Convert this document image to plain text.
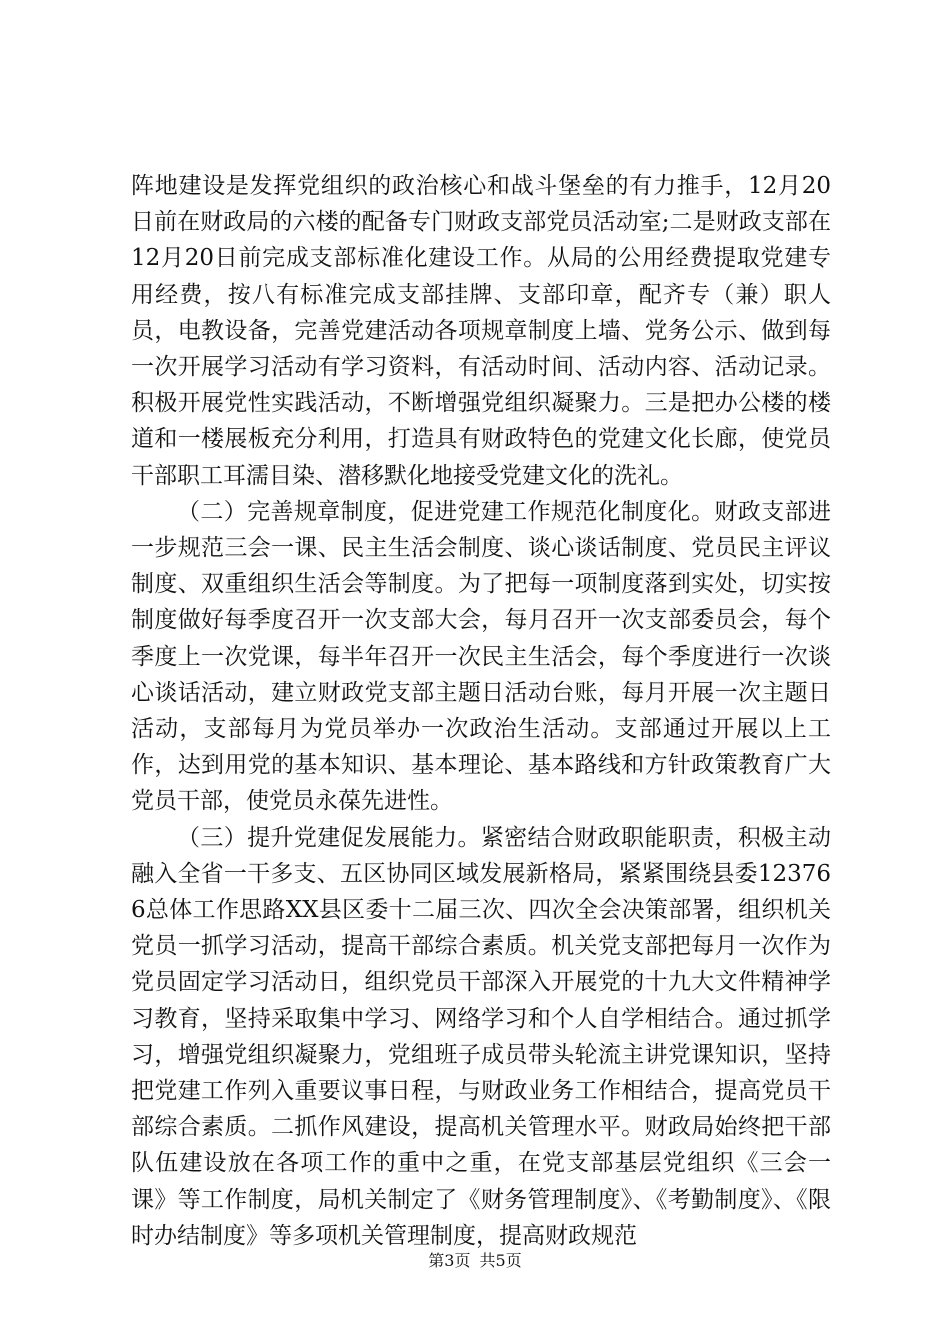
阵地建设是发挥党组织的政治核心和战斗堡垒的有力推手，12月20日前在财政局的六楼的配备专门财政支部党员活动室;二是财政支部在12月20日前完成支部标准化建设工作。从局的公用经费提取党建专用经费，按八有标准完成支部挂牌、支部印章，配齐专（兼）职人员，电教设备，完善党建活动各项规章制度上墙、党务公示、做到每一次开展学习活动有学习资料，有活动时间、活动内容、活动记录。积极开展党性实践活动，不断增强党组织凝聚力。三是把办公楼的楼道和一楼展板充分利用，打造具有财政特色的党建文化长廊，使党员干部职工耳濡目染、潜移默化地接受党建文化的洗礼。

（二）完善规章制度，促进党建工作规范化制度化。财政支部进一步规范三会一课、民主生活会制度、谈心谈话制度、党员民主评议制度、双重组织生活会等制度。为了把每一项制度落到实处，切实按制度做好每季度召开一次支部大会，每月召开一次支部委员会，每个季度上一次党课，每半年召开一次民主生活会，每个季度进行一次谈心谈话活动，建立财政党支部主题日活动台账，每月开展一次主题日活动，支部每月为党员举办一次政治生活动。支部通过开展以上工作，达到用党的基本知识、基本理论、基本路线和方针政策教育广大党员干部，使党员永葆先进性。

（三）提升党建促发展能力。紧密结合财政职能职责，积极主动融入全省一干多支、五区协同区域发展新格局，紧紧围绕县委123766总体工作思路XX县区委十二届三次、四次全会决策部署，组织机关党员一抓学习活动，提高干部综合素质。机关党支部把每月一次作为党员固定学习活动日，组织党员干部深入开展党的十九大文件精神学习教育，坚持采取集中学习、网络学习和个人自学相结合。通过抓学习，增强党组织凝聚力，党组班子成员带头轮流主讲党课知识，坚持把党建工作列入重要议事日程，与财政业务工作相结合，提高党员干部综合素质。二抓作风建设，提高机关管理水平。财政局始终把干部队伍建设放在各项工作的重中之重，在党支部基层党组织《三会一课》等工作制度，局机关制定了《财务管理制度》、《考勤制度》、《限时办结制度》等多项机关管理制度，提高财政规范

第3页 共5页
